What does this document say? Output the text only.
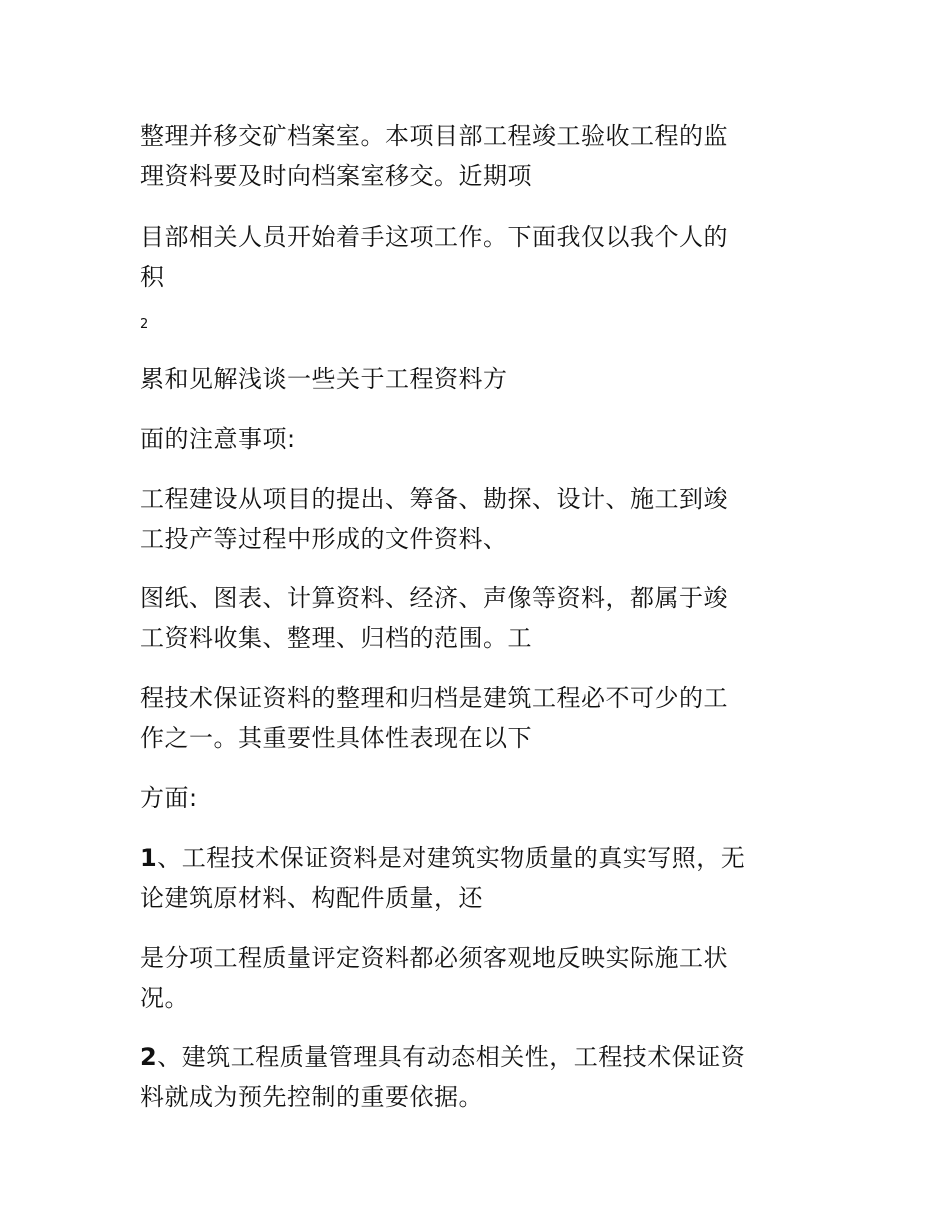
整理并移交矿档案室。本项目部工程竣工验收工程的监
理资料要及时向档案室移交。近期项
目部相关人员开始着手这项工作。下面我仅以我个人的
积
2
累和见解浅谈一些关于工程资料方
面的注意事项:
工程建设从项目的提出、筹备、勘探、设计、施工到竣
工投产等过程中形成的文件资料、
图纸、图表、计算资料、经济、声像等资料，都属于竣
工资料收集、整理、归档的范围。工
程技术保证资料的整理和归档是建筑工程必不可少的工
作之一。其重要性具体性表现在以下
方面:
1、工程技术保证资料是对建筑实物质量的真实写照，无
论建筑原材料、构配件质量，还
是分项工程质量评定资料都必须客观地反映实际施工状
况。
2、建筑工程质量管理具有动态相关性，工程技术保证资
料就成为预先控制的重要依据。
